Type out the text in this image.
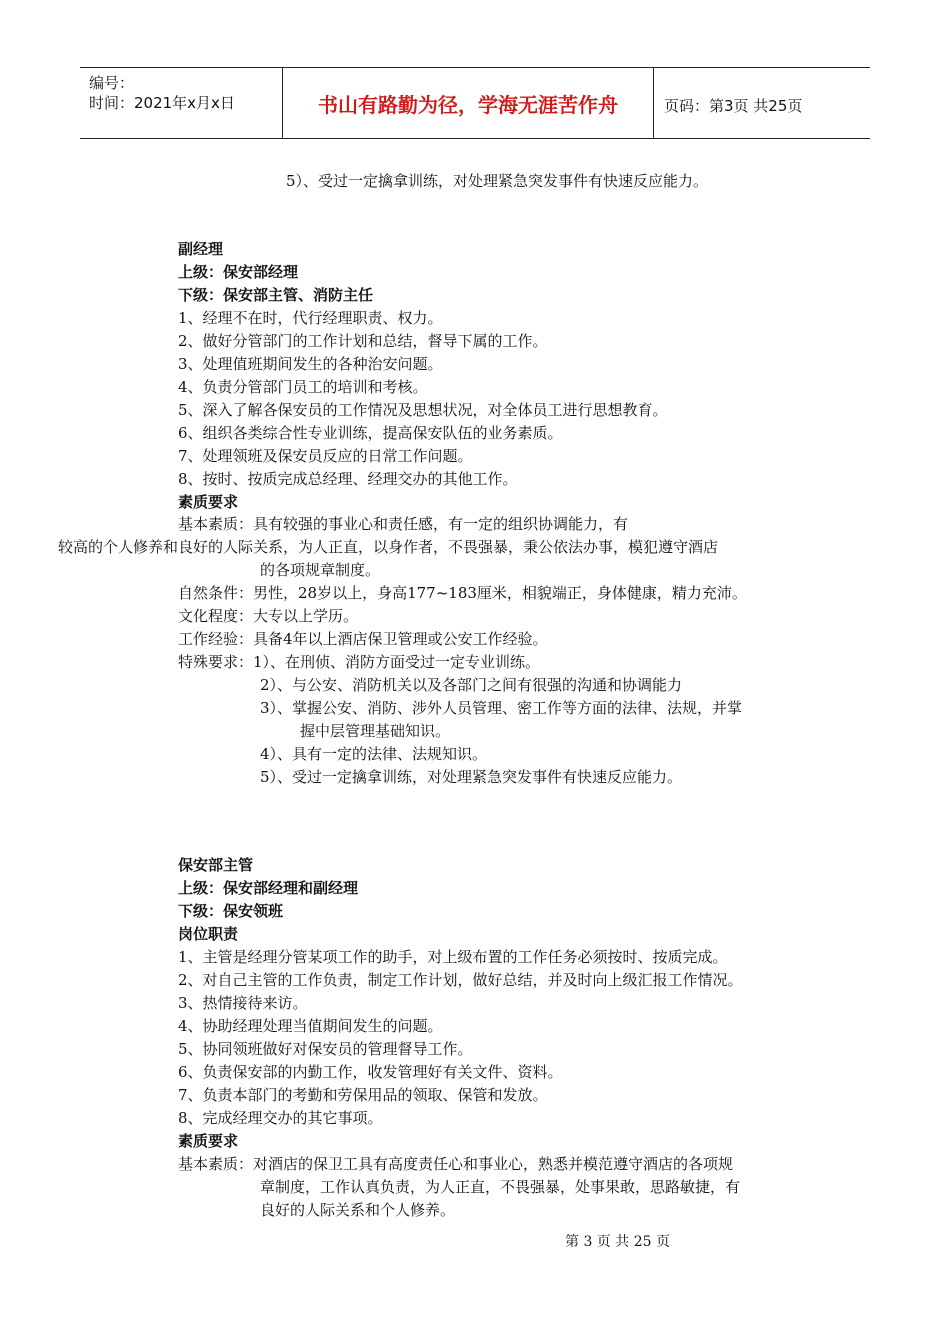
编号：
时间：2021年x月x日	书山有路勤为径，学海无涯苦作舟	页码：第3页 共25页
5）、受过一定擒拿训练，对处理紧急突发事件有快速反应能力。
副经理
上级：保安部经理
下级：保安部主管、消防主任
1、经理不在时，代行经理职责、权力。
2、做好分管部门的工作计划和总结，督导下属的工作。
3、处理值班期间发生的各种治安问题。
4、负责分管部门员工的培训和考核。
5、深入了解各保安员的工作情况及思想状况，对全体员工进行思想教育。
6、组织各类综合性专业训练，提高保安队伍的业务素质。
7、处理领班及保安员反应的日常工作问题。
8、按时、按质完成总经理、经理交办的其他工作。
素质要求
基本素质：具有较强的事业心和责任感，有一定的组织协调能力，有
较高的个人修养和良好的人际关系，为人正直，以身作者，不畏强暴，秉公依法办事，模犯遵守酒店
的各项规章制度。
自然条件：男性，28岁以上，身高177~183厘米，相貌端正，身体健康，精力充沛。
文化程度：大专以上学历。
工作经验：具备4年以上酒店保卫管理或公安工作经验。
特殊要求：1）、在刑侦、消防方面受过一定专业训练。
2）、与公安、消防机关以及各部门之间有很强的沟通和协调能力
3）、掌握公安、消防、涉外人员管理、密工作等方面的法律、法规，并掌
握中层管理基础知识。
4）、具有一定的法律、法规知识。
5）、受过一定擒拿训练，对处理紧急突发事件有快速反应能力。
保安部主管
上级：保安部经理和副经理
下级：保安领班
岗位职责
1、主管是经理分管某项工作的助手，对上级布置的工作任务必须按时、按质完成。
2、对自己主管的工作负责，制定工作计划，做好总结，并及时向上级汇报工作情况。
3、热情接待来访。
4、协助经理处理当值期间发生的问题。
5、协同领班做好对保安员的管理督导工作。
6、负责保安部的内勤工作，收发管理好有关文件、资料。
7、负责本部门的考勤和劳保用品的领取、保管和发放。
8、完成经理交办的其它事项。
素质要求
基本素质：对酒店的保卫工具有高度责任心和事业心，熟悉并模范遵守酒店的各项规
章制度，工作认真负责，为人正直，不畏强暴，处事果敢，思路敏捷，有
良好的人际关系和个人修养。
第 3 页 共 25 页
